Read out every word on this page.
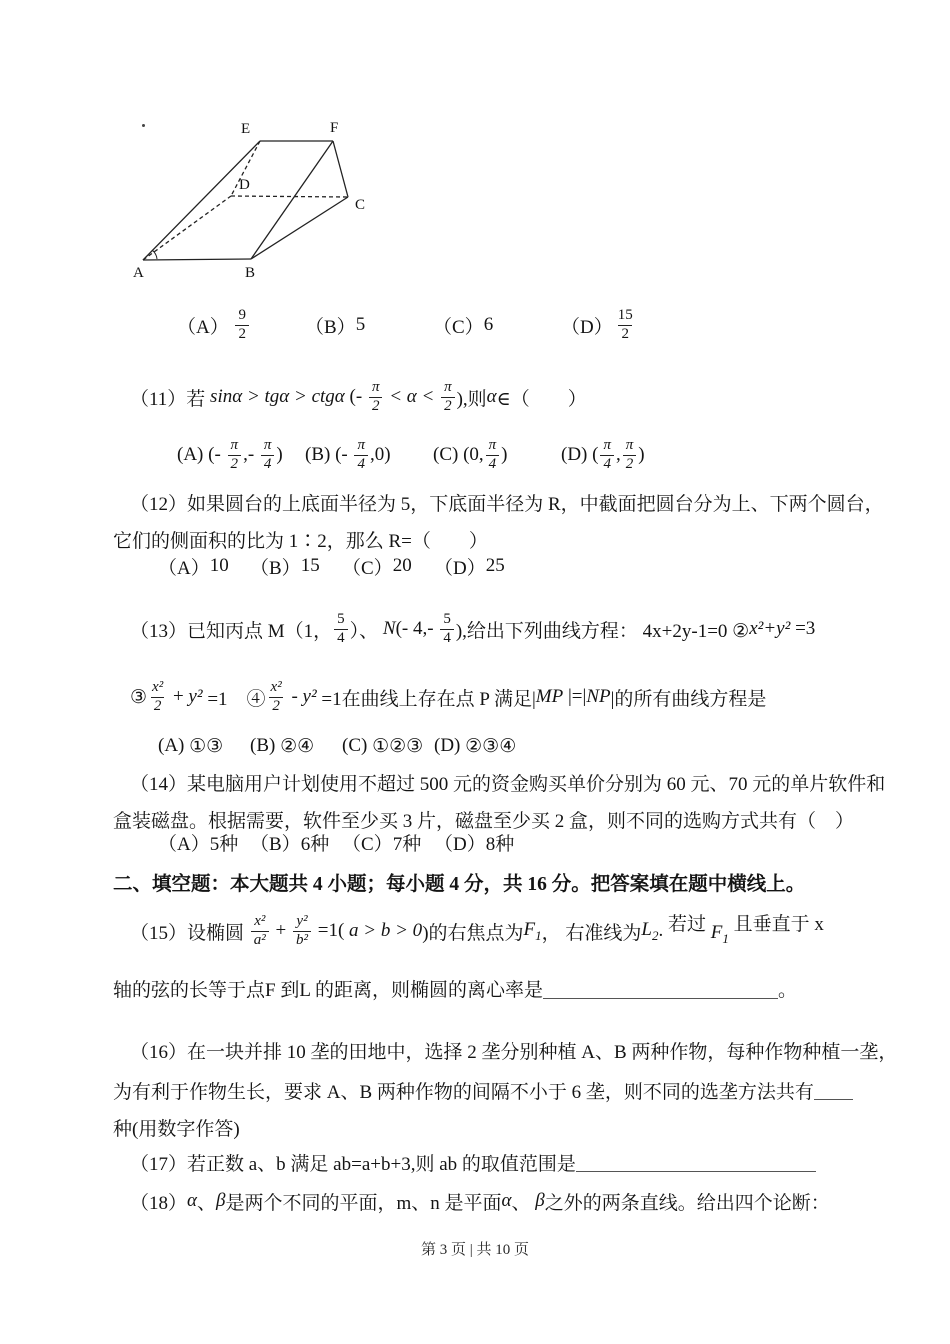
A	B
C
D
E	F
$(A) \frac{9}{2}$	（B） 5	（C） 6	$(D) \frac{15}{2}$
（11）若 sinα > tgα > ctgα (- $\frac{\pi}{2} < \alpha < \frac{\pi}{2}$ ),则 α ∈（　　）
(A) (- $\frac{\pi}{2}$ ,- $\frac{\pi}{4}$ ) (B) (- $\frac{\pi}{4} ,0$) (C) (0, $\frac{\pi}{4}$ )	(D) ( $\frac{\pi}{4}$ , $\frac{\pi}{2}$ )
（12）如果圆台的上底面半径为 5，下底面半径为 R，中截面把圆台分为上、下两个圆台，
它们的侧面积的比为 1∶2，那么 R=（　　）
（A） 10 （B） 15 （C） 20 （D） 25
（13）已知丙点 M（1， $\frac{5}{4}$ ）、 N (- $4,- \frac{5}{4}$ ),给出下列曲线方程： 4x+2y-1=0 ② x²+y² =3
③ $\frac{\text{x²}}{2} + y^2 =1$　④ $\frac{\text{x²}}{2} - y^2 =1$在曲线上存在点 P 满足| MP |=| NP |的所有曲线方程是
(A) ①③ (B) ②④ (C) ①②③ (D) ②③④
（14）某电脑用户计划使用不超过 500 元的资金购买单价分别为 60 元、70 元的单片软件和
盒装磁盘。根据需要，软件至少买 3 片，磁盘至少买 2 盒，则不同的选购方式共有（　）
（A） 5种 （B） 6种 （C） 7种 （D） 8种
二、填空题：本大题共 4 小题；每小题 4 分，共 16 分。把答案填在题中横线上。
（15）设椭圆 $\frac{\text{x²}}{\text{a²}} + \frac{\text{y²}}{\text{b²}} =1$( a > b > 0 )的右焦点为 $F_1$ ， 右准线为 $L_2$ . 若过 $F_1$
且垂直于 x
轴的弦的长等于点F 到L 的距离，则椭圆的离心率是	。
（16）在一块并排 10 垄的田地中，选择 2 垄分别种植 A、B 两种作物，每种作物种植一垄，
为有利于作物生长，要求 A、B 两种作物的间隔不小于 6 垄，则不同的选垄方法共有
种(用数字作答)
（17）若正数 a、b 满足 ab=a+b+3,则 ab 的取值范围是
（18） α 、 β 是两个不同的平面，m、n 是平面 α 、 β 之外的两条直线。给出四个论断：
第 3 页 | 共 10 页
